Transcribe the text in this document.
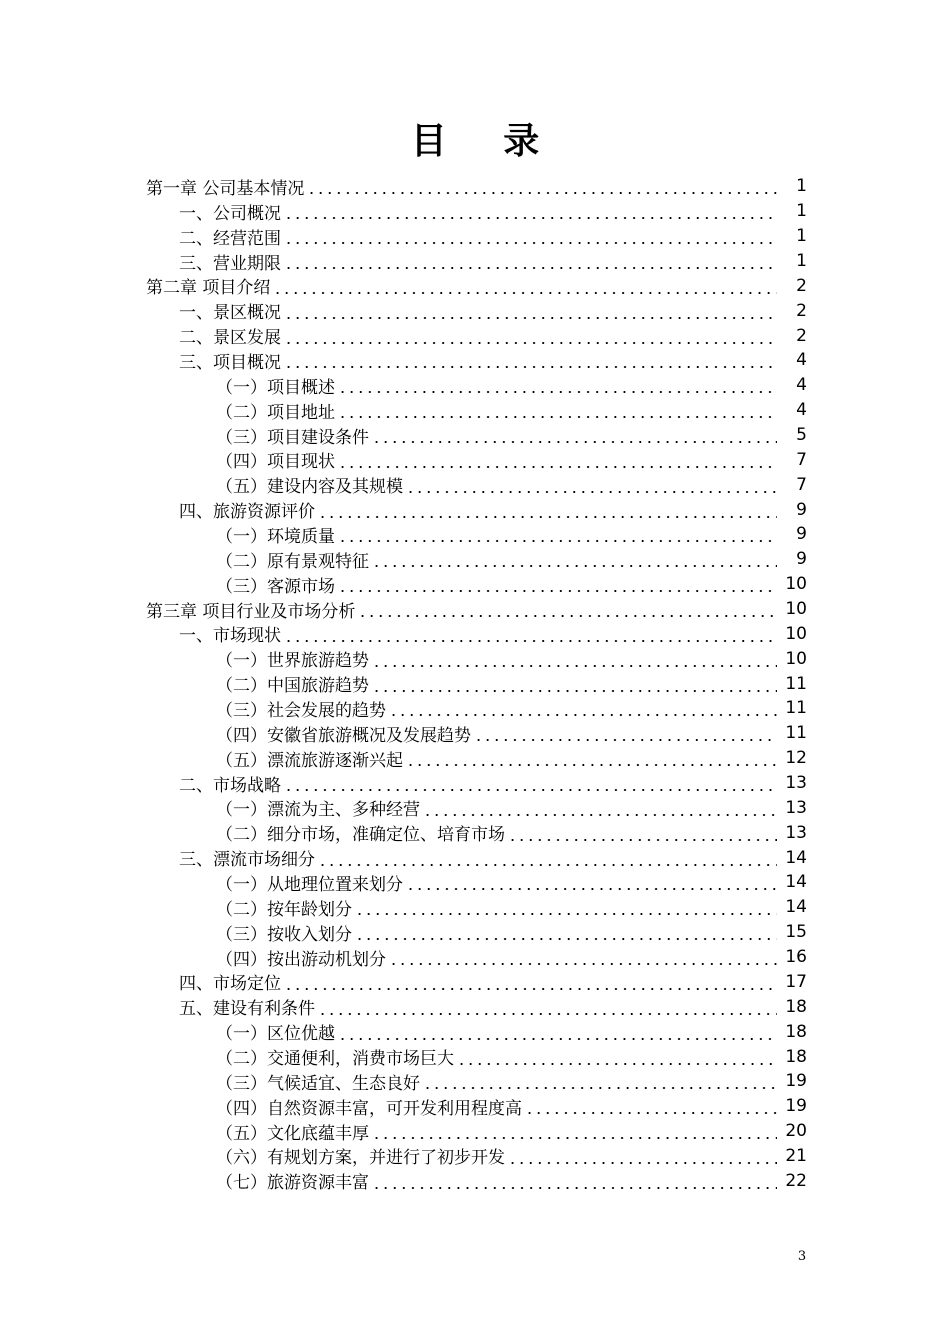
目 录
第一章 公司基本情况	1
一、公司概况	1
二、经营范围	1
三、营业期限	1
第二章 项目介绍	2
一、景区概况	2
二、景区发展	2
三、项目概况	4
（一）项目概述	4
（二）项目地址	4
（三）项目建设条件	5
（四）项目现状	7
（五）建设内容及其规模	7
四、旅游资源评价	9
（一）环境质量	9
（二）原有景观特征	9
（三）客源市场	10
第三章 项目行业及市场分析	10
一、市场现状	10
（一）世界旅游趋势	10
（二）中国旅游趋势	11
（三）社会发展的趋势	11
（四）安徽省旅游概况及发展趋势	11
（五）漂流旅游逐渐兴起	12
二、市场战略	13
（一）漂流为主、多种经营	13
（二）细分市场，准确定位、培育市场	13
三、漂流市场细分	14
（一）从地理位置来划分	14
（二）按年龄划分	14
（三）按收入划分	15
（四）按出游动机划分	16
四、市场定位	17
五、建设有利条件	18
（一）区位优越	18
（二）交通便利，消费市场巨大	18
（三）气候适宜、生态良好	19
（四）自然资源丰富，可开发利用程度高	19
（五）文化底蕴丰厚	20
（六）有规划方案，并进行了初步开发	21
（七）旅游资源丰富	22
3
